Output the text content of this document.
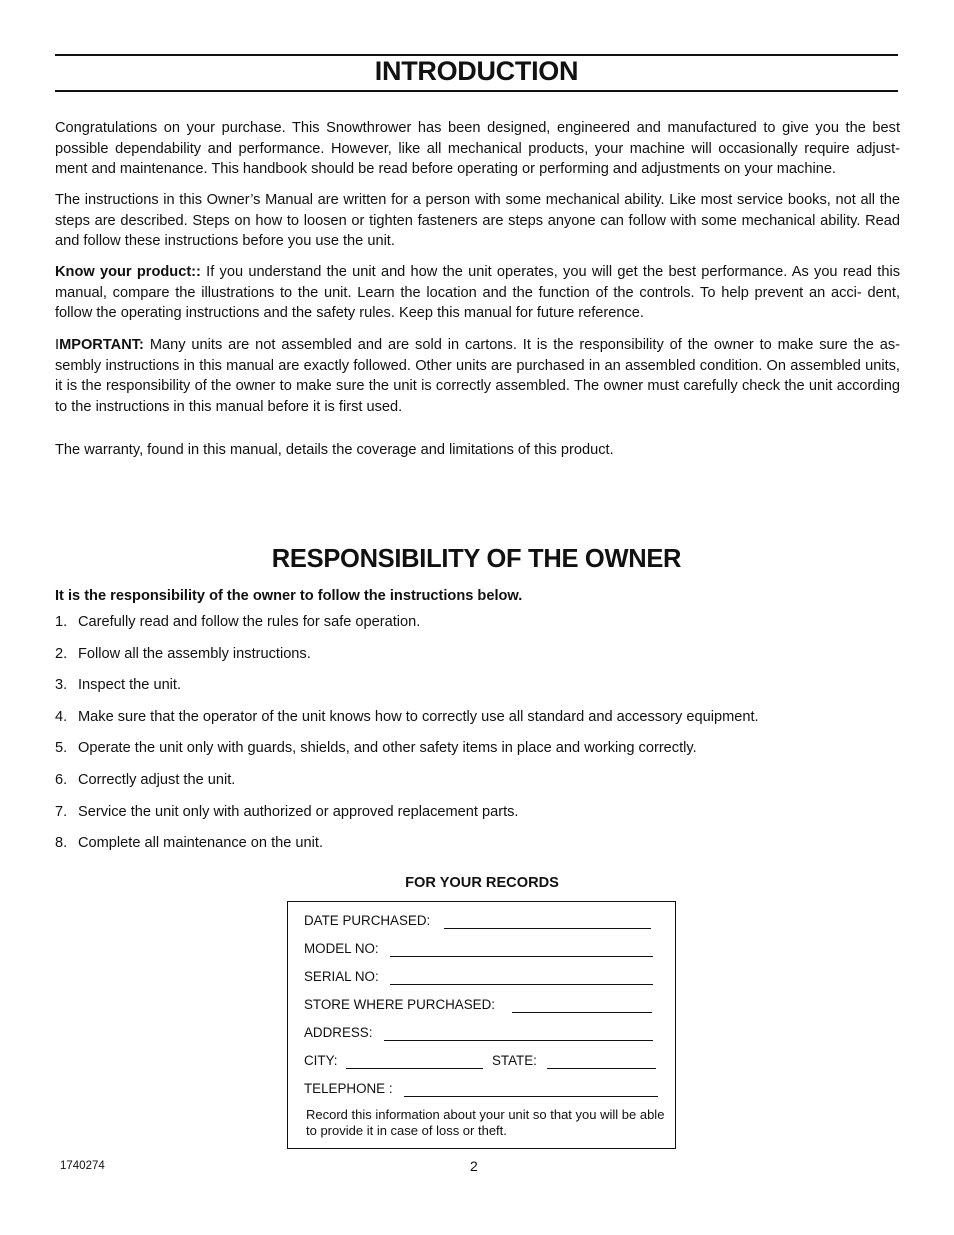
INTRODUCTION

Congratulations on your purchase. This Snowthrower has been designed, engineered and manufactured to give you the best possible dependability and performance. However, like all mechanical products, your machine will occasionally require adjust- ment and maintenance. This handbook should be read before operating or performing and adjustments on your machine.

The instructions in this Owner’s Manual are written for a person with some mechanical ability. Like most service books, not all the steps are described. Steps on how to loosen or tighten fasteners are steps anyone can follow with some mechanical ability. Read and follow these instructions before you use the unit.

Know your product:: If you understand the unit and how the unit operates, you will get the best performance. As you read this manual, compare the illustrations to the unit. Learn the location and the function of the controls. To help prevent an acci- dent, follow the operating instructions and the safety rules. Keep this manual for future reference.

IMPORTANT: Many units are not assembled and are sold in cartons. It is the responsibility of the owner to make sure the as- sembly instructions in this manual are exactly followed. Other units are purchased in an assembled condition. On assembled units, it is the responsibility of the owner to make sure the unit is correctly assembled. The owner must carefully check the unit according to the instructions in this manual before it is first used.

The warranty, found in this manual, details the coverage and limitations of this product.

RESPONSIBILITY OF THE OWNER

It is the responsibility of the owner to follow the instructions below.

1. Carefully read and follow the rules for safe operation.

2. Follow all the assembly instructions.

3. Inspect the unit.

4. Make sure that the operator of the unit knows how to correctly use all standard and accessory equipment.

5. Operate the unit only with guards, shields, and other safety items in place and working correctly.

6. Correctly adjust the unit.

7. Service the unit only with authorized or approved replacement parts.

8. Complete all maintenance on the unit.

FOR YOUR RECORDS
DATE PURCHASED:
MODEL NO:
SERIAL NO:
STORE WHERE PURCHASED:
ADDRESS:
CITY:	STATE:
TELEPHONE :

Record this information about your unit so that you will be able to provide it in case of loss or theft.

1740274	2
